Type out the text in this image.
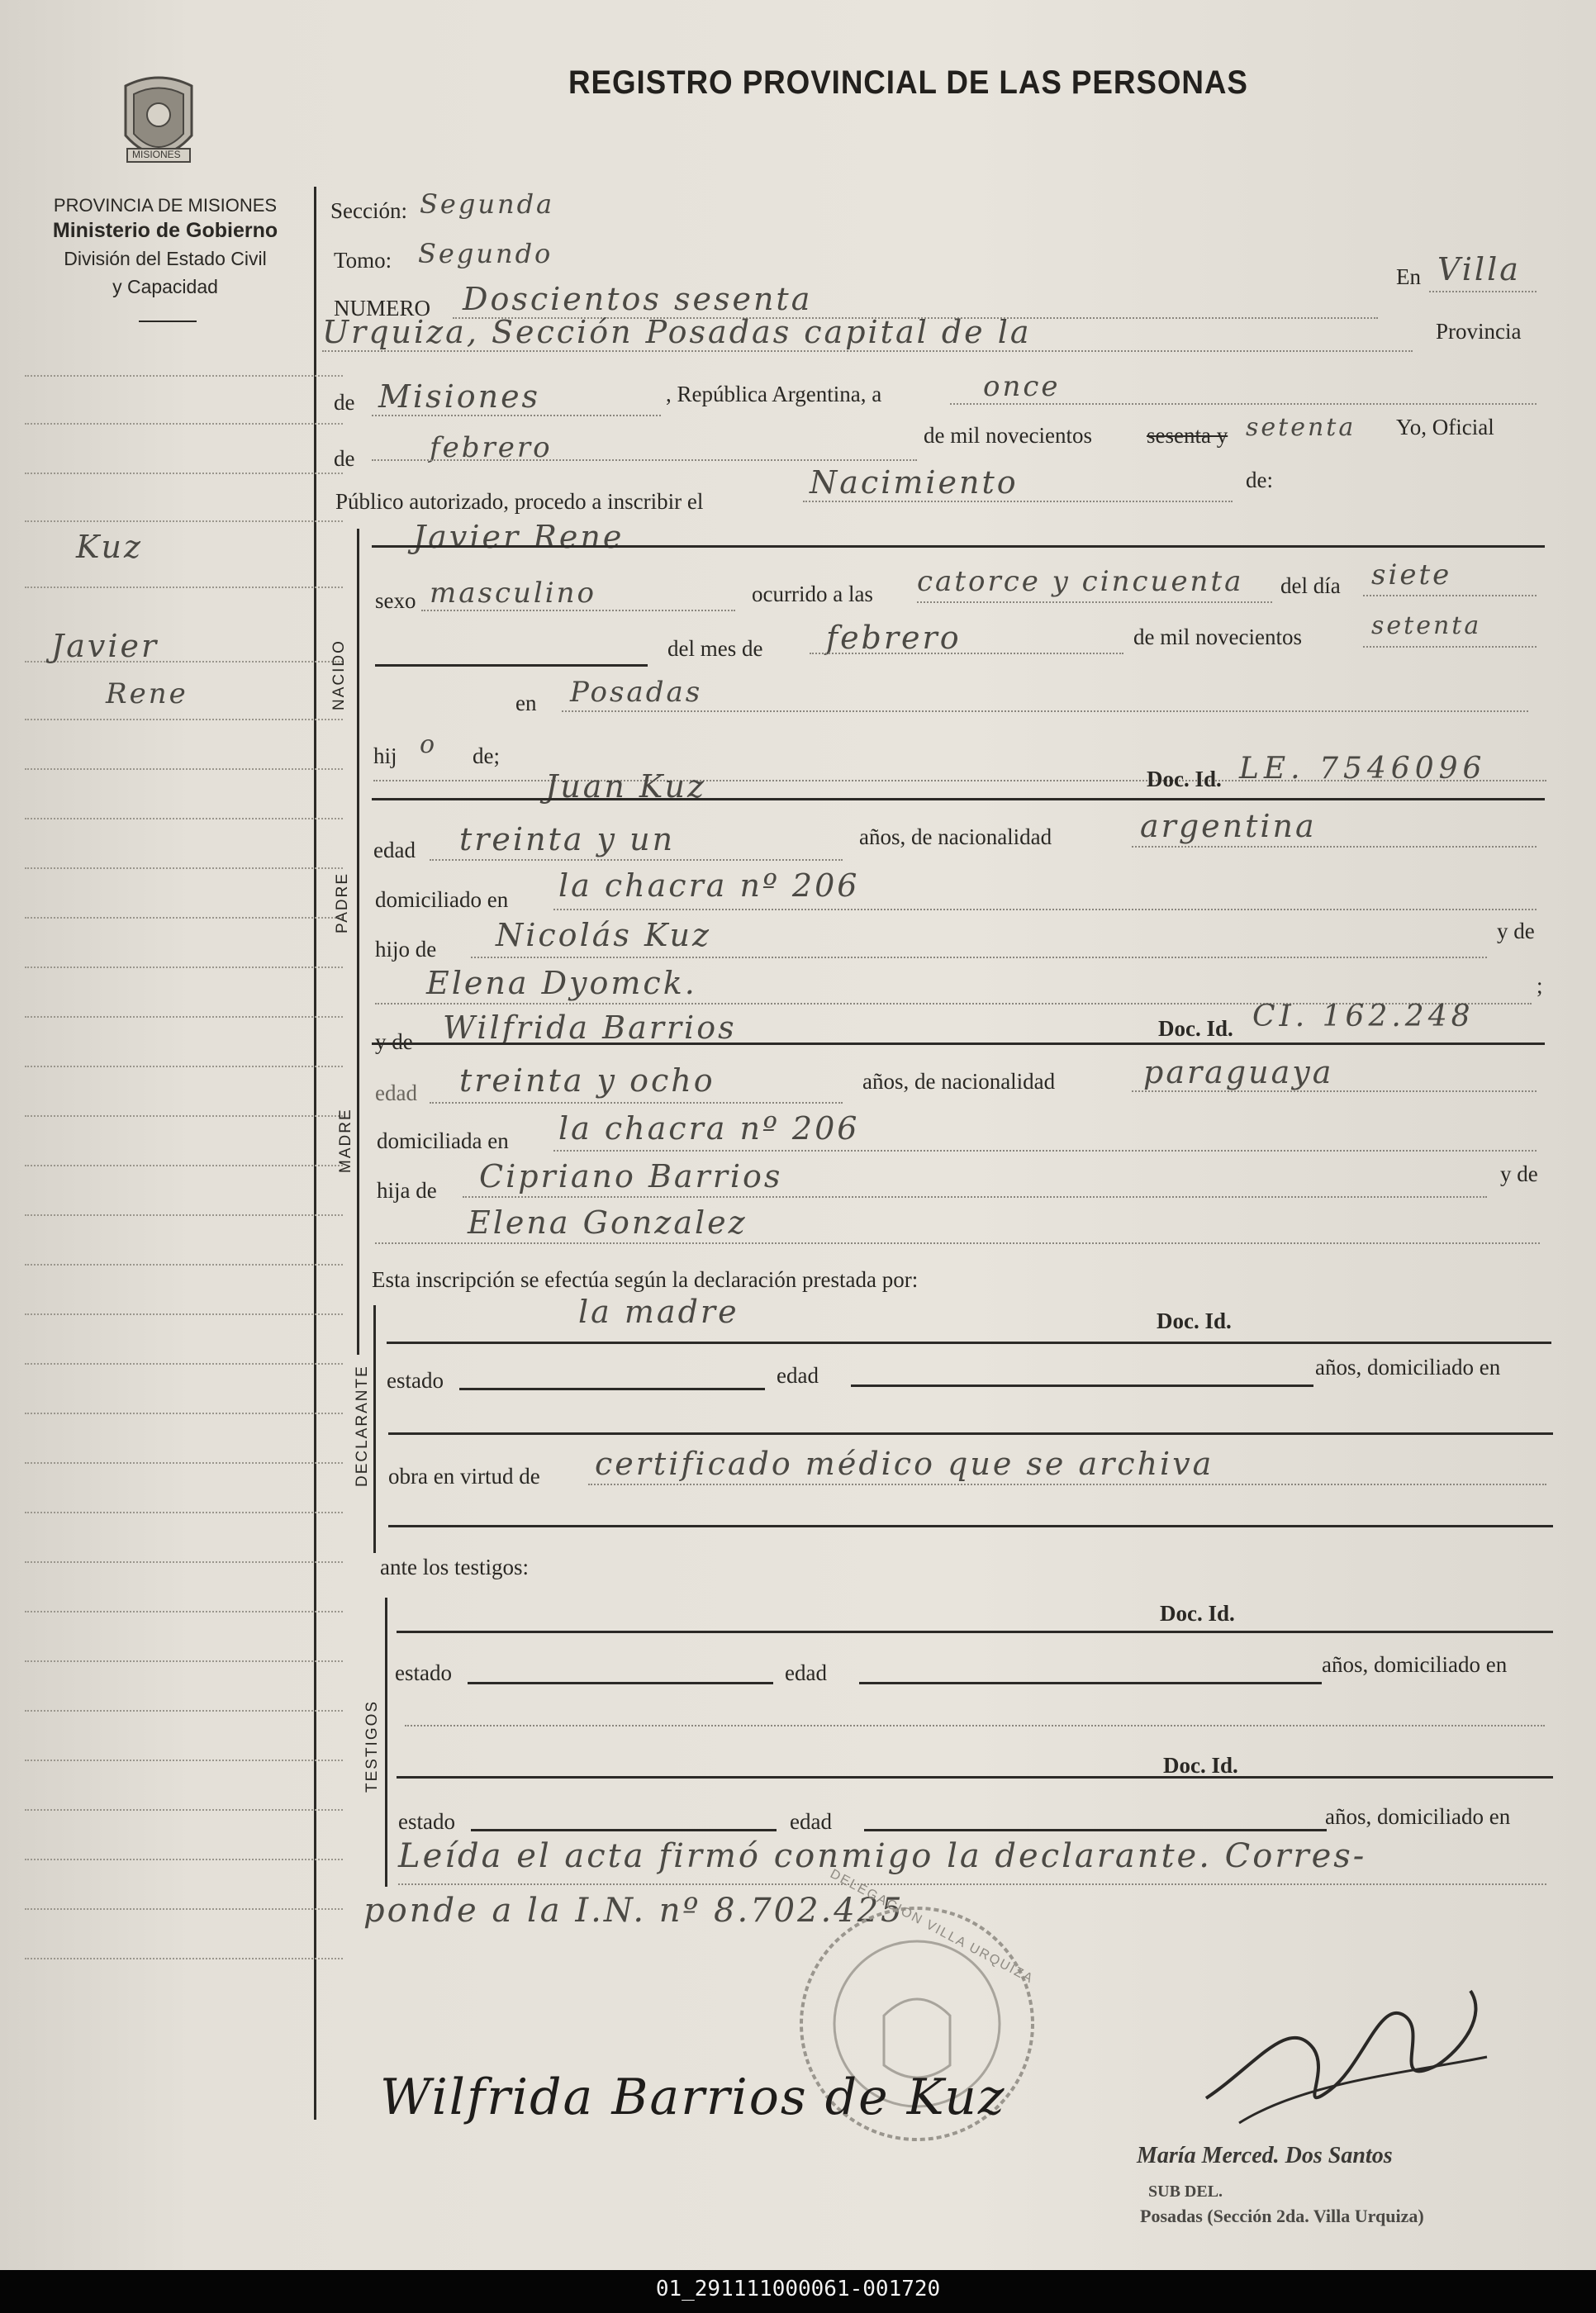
MISIONES
REGISTRO PROVINCIAL DE LAS PERSONAS
PROVINCIA DE MISIONES
Ministerio de Gobierno
División del Estado Civil
y Capacidad
Kuz
Javier
Rene
Sección: Segunda
Tomo: Segundo
En Villa
NUMERO Doscientos sesenta
Urquiza, Sección Posadas capital de la	Provincia
de Misiones	, República Argentina, a	once
de	febrero	de mil novecientos sesenta y setenta Yo, Oficial
Público autorizado, procedo a inscribir el
Nacimiento	de:
Javier Rene
NACIDO
sexo masculino	ocurrido a las catorce y cincuenta del día siete
del mes de febrero	de mil novecientos	setenta
en Posadas
hij o de;
Juan Kuz	Doc. Id. LE. 7546096
PADRE
edad treinta y un	años, de nacionalidad	argentina
domiciliado en la chacra nº 206
hijo de Nicolás Kuz	y de
Elena Dyomck.	;
y de Wilfrida Barrios	Doc. Id. CI. 162.248
MADRE
edad treinta y ocho	años, de nacionalidad	paraguaya
domiciliada en la chacra nº 206
hija de Cipriano Barrios	y de
Elena Gonzalez
Esta inscripción se efectúa según la declaración prestada por:
la madre	Doc. Id.
DECLARANTE estado	edad	años, domiciliado en
obra en virtud de certificado médico que se archiva
ante los testigos:
Doc. Id.
TESTIGOS
estado	edad	años, domiciliado en
Doc. Id.
estado	edad	años, domiciliado en
Leída el acta firmó conmigo la declarante. Corres-
ponde a la I.N. nº 8.702.425
DELEGACION VILLA URQUIZA
Wilfrida Barrios de Kuz
María Merced. Dos Santos
SUB DEL.
Posadas (Sección 2da. Villa Urquiza)
01_291111000061-001720
